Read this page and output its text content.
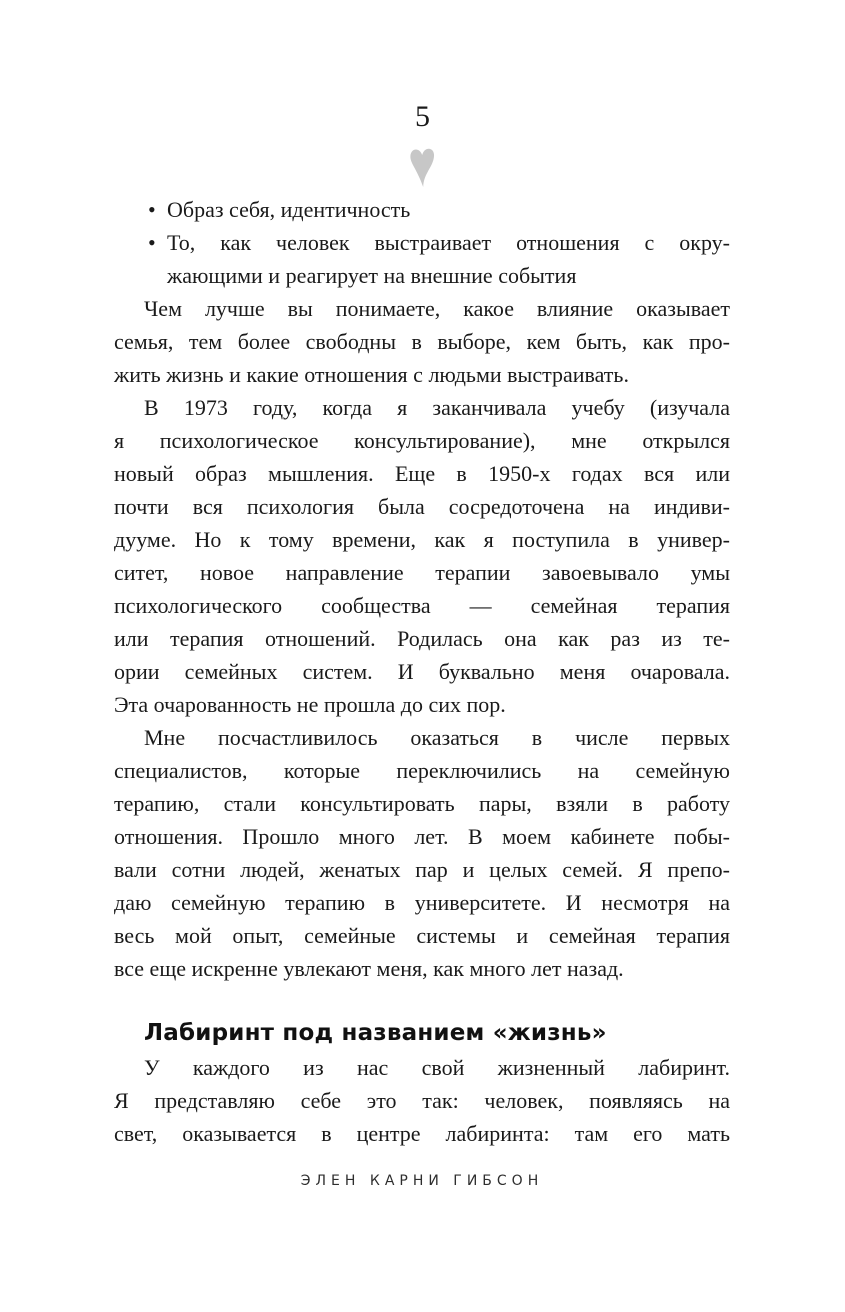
5
• Образ себя, идентичность
• То, как человек выстраивает отношения с окру-
жающими и реагирует на внешние события
Чем лучше вы понимаете, какое влияние оказывает
семья, тем более свободны в выборе, кем быть, как про-
жить жизнь и какие отношения с людьми выстраивать.
В 1973 году, когда я заканчивала учебу (изучала
я психологическое консультирование), мне открылся
новый образ мышления. Еще в 1950-х годах вся или
почти вся психология была сосредоточена на индиви-
дууме. Но к тому времени, как я поступила в универ-
ситет, новое направление терапии завоевывало умы
психологического сообщества — семейная терапия
или терапия отношений. Родилась она как раз из те-
ории семейных систем. И буквально меня очаровала.
Эта очарованность не прошла до сих пор.
Мне посчастливилось оказаться в числе первых
специалистов, которые переключились на семейную
терапию, стали консультировать пары, взяли в работу
отношения. Прошло много лет. В моем кабинете побы-
вали сотни людей, женатых пар и целых семей. Я препо-
даю семейную терапию в университете. И несмотря на
весь мой опыт, семейные системы и семейная терапия
все еще искренне увлекают меня, как много лет назад.
Лабиринт под названием «жизнь»
У каждого из нас свой жизненный лабиринт.
Я представляю себе это так: человек, появляясь на
свет, оказывается в центре лабиринта: там его мать
ЭЛЕН КАРНИ ГИБСОН
